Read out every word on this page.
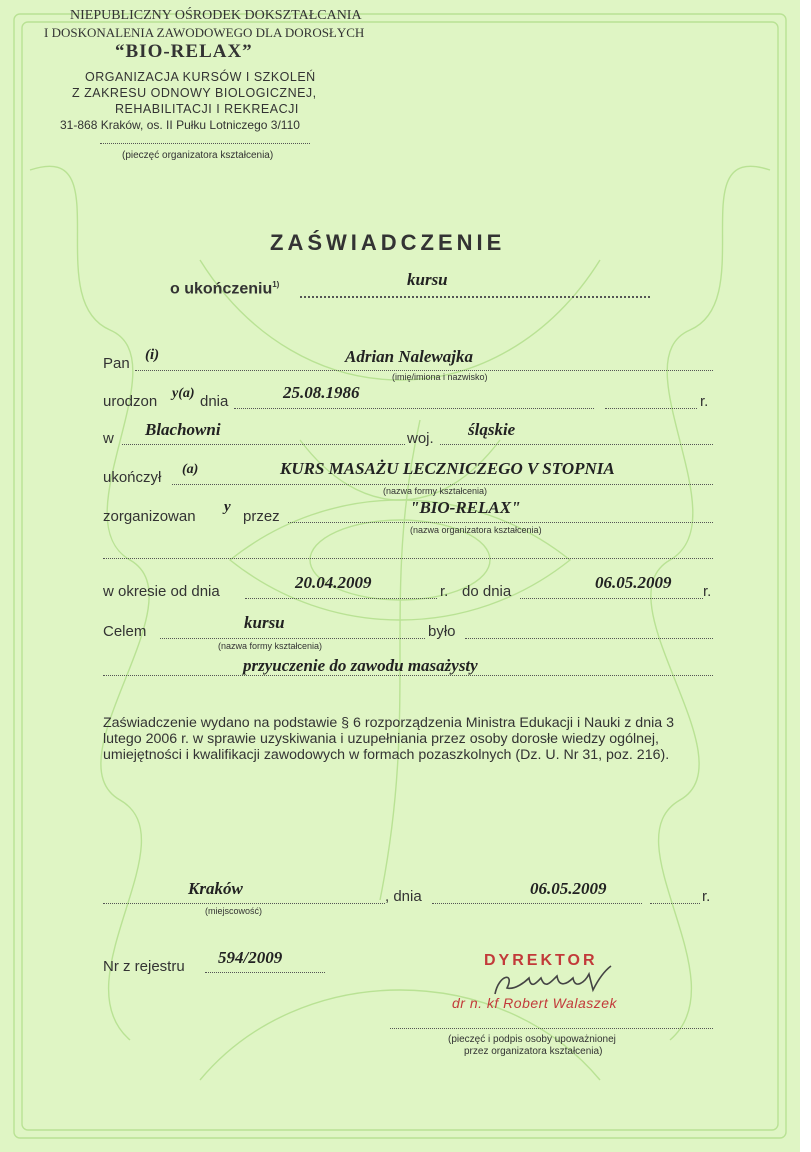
NIEPUBLICZNY OŚRODEK DOKSZTAŁCANIA
I DOSKONALENIA ZAWODOWEGO DLA DOROSŁYCH
“BIO-RELAX”
ORGANIZACJA KURSÓW I SZKOLEŃ
Z ZAKRESU ODNOWY BIOLOGICZNEJ,
REHABILITACJI I REKREACJI
31-868 Kraków, os. II Pułku Lotniczego 3/110
(pieczęć organizatora kształcenia)
ZAŚWIADCZENIE
o ukończeniu$^{1)}$	kursu
Pan (i)	Adrian Nalewajka
(imię/imiona i nazwisko)
urodzon y(a) dnia	r.
25.08.1986
w Blachowni	woj. śląskie
ukończył (a)	KURS MASAŻU LECZNICZEGO V STOPNIA
(nazwa formy kształcenia)
zorganizowan
y
przez	"BIO-RELAX"
(nazwa organizatora kształcenia)
w okresie od dnia	20.04.2009	r. do dnia	06.05.2009 r.
Celem	kursu	było
(nazwa formy kształcenia)
przyuczenie do zawodu masażysty
Zaświadczenie wydano na podstawie § 6 rozporządzenia Ministra Edukacji i Nauki z dnia 3 lutego 2006 r. w sprawie uzyskiwania i uzupełniania przez osoby dorosłe wiedzy ogólnej, umiejętności i kwalifikacji zawodowych w formach pozaszkolnych (Dz. U. Nr 31, poz. 216).
Kraków
(miejscowość)
, dnia	06.05.2009	r.
Nr z rejestru 594/2009	DYREKTOR
dr n. kf Robert Walaszek
(pieczęć i podpis osoby upoważnionej
przez organizatora kształcenia)
